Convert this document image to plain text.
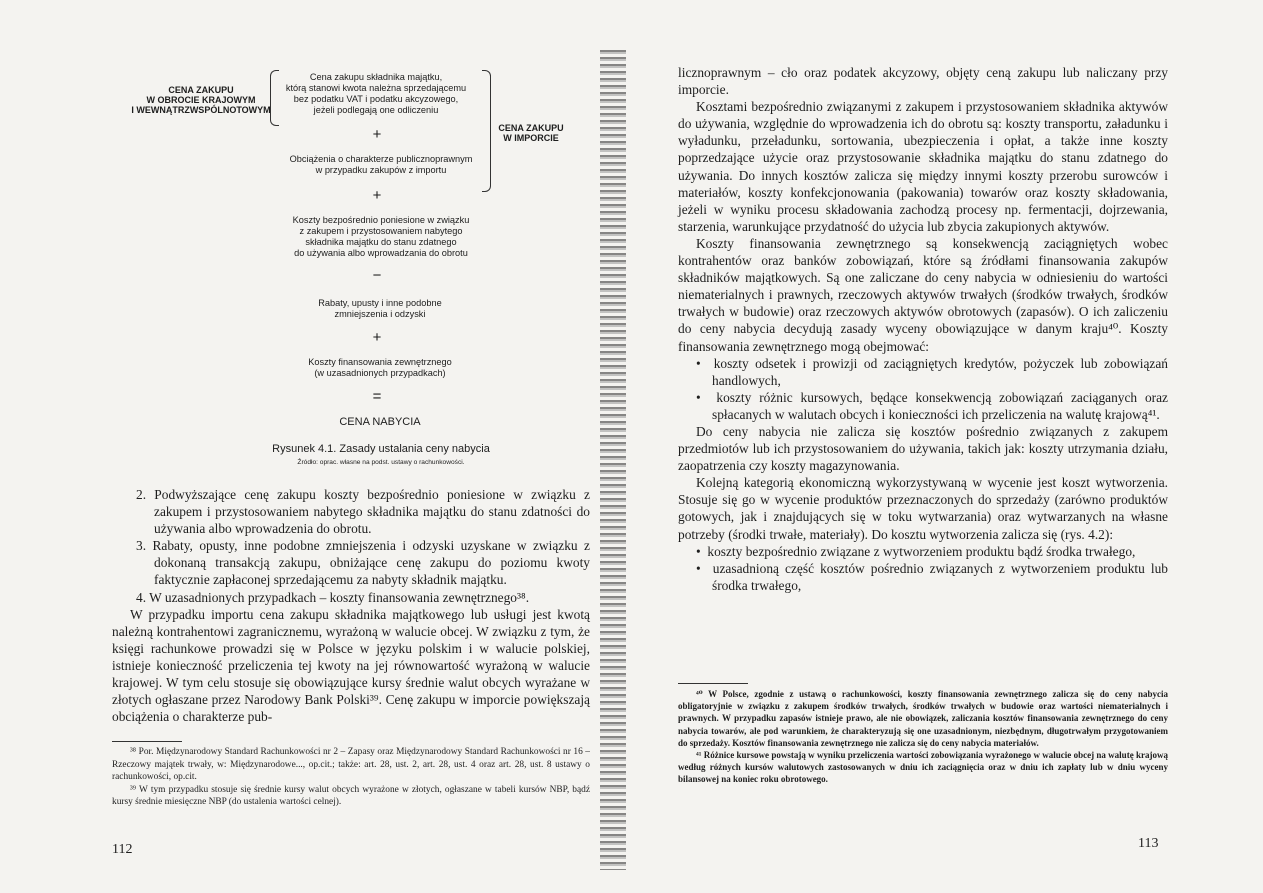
CENA ZAKUPU
W OBROCIE KRAJOWYM
I WEWNĄTRZWSPÓLNOTOWYM
Cena zakupu składnika majątku,
którą stanowi kwota należna sprzedającemu
bez podatku VAT i podatku akcyzowego,
jeżeli podlegają one odliczeniu
CENA ZAKUPU
W IMPORCIE
+
Obciążenia o charakterze publicznoprawnym
w przypadku zakupów z importu
+
Koszty bezpośrednio poniesione w związku
z zakupem i przystosowaniem nabytego
składnika majątku do stanu zdatnego
do używania albo wprowadzania do obrotu
−
Rabaty, upusty i inne podobne
zmniejszenia i odzyski
+
Koszty finansowania zewnętrznego
(w uzasadnionych przypadkach)
=
CENA NABYCIA
Rysunek 4.1. Zasady ustalania ceny nabycia
Źródło: oprac. własne na podst. ustawy o rachunkowości.

2. Podwyższające cenę zakupu koszty bezpośrednio poniesione w związku z zakupem i przystosowaniem nabytego składnika majątku do stanu zdatności do używania albo wprowadzenia do obrotu.

3. Rabaty, opusty, inne podobne zmniejszenia i odzyski uzyskane w związku z dokonaną transakcją zakupu, obniżające cenę zakupu do poziomu kwoty faktycznie zapłaconej sprzedającemu za nabyty składnik majątku.

4. W uzasadnionych przypadkach – koszty finansowania zewnętrznego³⁸.

W przypadku importu cena zakupu składnika majątkowego lub usługi jest kwotą należną kontrahentowi zagranicznemu, wyrażoną w walucie obcej. W związku z tym, że księgi rachunkowe prowadzi się w Polsce w języku polskim i w walucie polskiej, istnieje konieczność przeliczenia tej kwoty na jej równowartość wyrażoną w walucie krajowej. W tym celu stosuje się obowiązujące kursy średnie walut obcych wyrażane w złotych ogłaszane przez Narodowy Bank Polski³⁹. Cenę zakupu w imporcie powiększają obciążenia o charakterze pub-

³⁸ Por. Międzynarodowy Standard Rachunkowości nr 2 – Zapasy oraz Międzynarodowy Standard Rachunkowości nr 16 – Rzeczowy majątek trwały, w: Międzynarodowe..., op.cit.; także: art. 28, ust. 2, art. 28, ust. 4 oraz art. 28, ust. 8 ustawy o rachunkowości, op.cit.

³⁹ W tym przypadku stosuje się średnie kursy walut obcych wyrażone w złotych, ogłaszane w tabeli kursów NBP, bądź kursy średnie miesięczne NBP (do ustalenia wartości celnej).

112

licznoprawnym – cło oraz podatek akcyzowy, objęty ceną zakupu lub naliczany przy imporcie.

Kosztami bezpośrednio związanymi z zakupem i przystosowaniem składnika aktywów do używania, względnie do wprowadzenia ich do obrotu są: koszty transportu, załadunku i wyładunku, przeładunku, sortowania, ubezpieczenia i opłat, a także inne koszty poprzedzające użycie oraz przystosowanie składnika majątku do stanu zdatnego do używania. Do innych kosztów zalicza się między innymi koszty przerobu surowców i materiałów, koszty konfekcjonowania (pakowania) towarów oraz koszty składowania, jeżeli w wyniku procesu składowania zachodzą procesy np. fermentacji, dojrzewania, starzenia, warunkujące przydatność do użycia lub zbycia zakupionych aktywów.

Koszty finansowania zewnętrznego są konsekwencją zaciągniętych wobec kontrahentów oraz banków zobowiązań, które są źródłami finansowania zakupów składników majątkowych. Są one zaliczane do ceny nabycia w odniesieniu do wartości niematerialnych i prawnych, rzeczowych aktywów trwałych (środków trwałych, środków trwałych w budowie) oraz rzeczowych aktywów obrotowych (zapasów). O ich zaliczeniu do ceny nabycia decydują zasady wyceny obowiązujące w danym kraju⁴⁰. Koszty finansowania zewnętrznego mogą obejmować:

•  koszty odsetek i prowizji od zaciągniętych kredytów, pożyczek lub zobowiązań handlowych,

•  koszty różnic kursowych, będące konsekwencją zobowiązań zaciąganych oraz spłacanych w walutach obcych i konieczności ich przeliczenia na walutę krajową⁴¹.

Do ceny nabycia nie zalicza się kosztów pośrednio związanych z zakupem przedmiotów lub ich przystosowaniem do używania, takich jak: koszty utrzymania działu, zaopatrzenia czy koszty magazynowania.

Kolejną kategorią ekonomiczną wykorzystywaną w wycenie jest koszt wytworzenia. Stosuje się go w wycenie produktów przeznaczonych do sprzedaży (zarówno produktów gotowych, jak i znajdujących się w toku wytwarzania) oraz wytwarzanych na własne potrzeby (środki trwałe, materiały). Do kosztu wytworzenia zalicza się (rys. 4.2):

•  koszty bezpośrednio związane z wytworzeniem produktu bądź środka trwałego,

•  uzasadnioną część kosztów pośrednio związanych z wytworzeniem produktu lub środka trwałego,

⁴⁰ W Polsce, zgodnie z ustawą o rachunkowości, koszty finansowania zewnętrznego zalicza się do ceny nabycia obligatoryjnie w związku z zakupem środków trwałych, środków trwałych w budowie oraz wartości niematerialnych i prawnych. W przypadku zapasów istnieje prawo, ale nie obowiązek, zaliczania kosztów finansowania zewnętrznego do ceny nabycia towarów, ale pod warunkiem, że charakteryzują się one uzasadnionym, niezbędnym, długotrwałym przygotowaniem do sprzedaży. Kosztów finansowania zewnętrznego nie zalicza się do ceny nabycia materiałów.

⁴¹ Różnice kursowe powstają w wyniku przeliczenia wartości zobowiązania wyrażonego w walucie obcej na walutę krajową według różnych kursów walutowych zastosowanych w dniu ich zaciągnięcia oraz w dniu ich zapłaty lub w dniu wyceny bilansowej na koniec roku obrotowego.

113
